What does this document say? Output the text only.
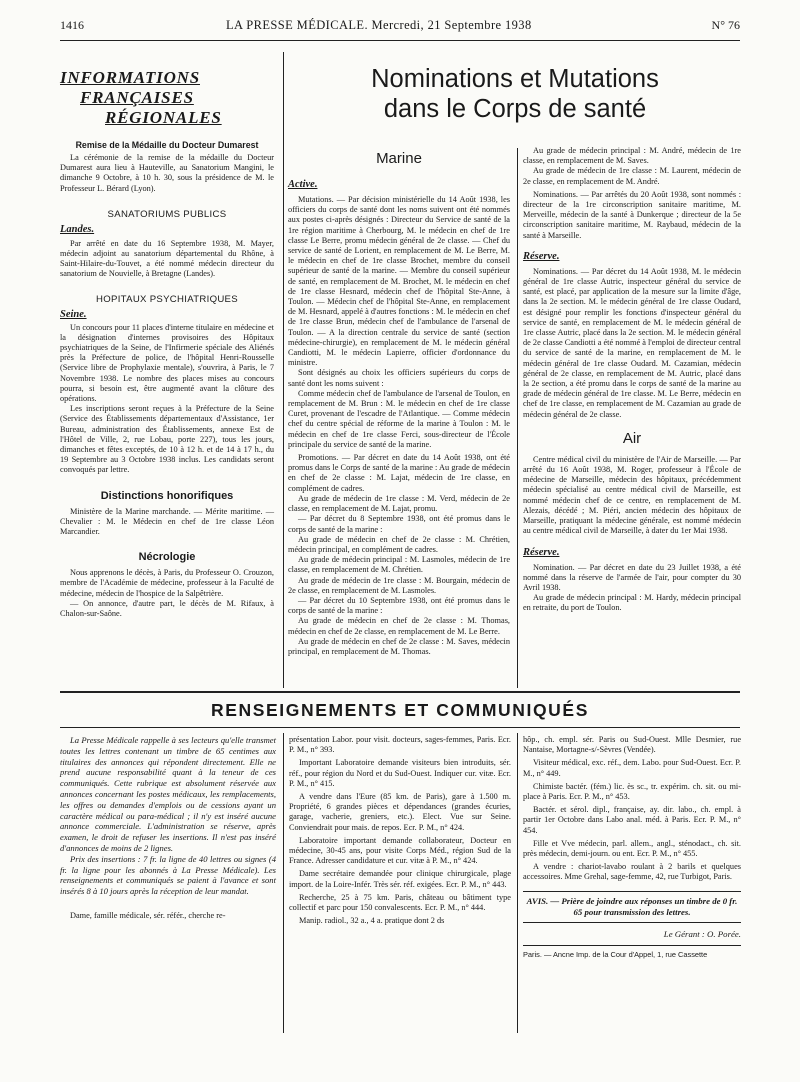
1416	LA PRESSE MÉDICALE. Mercredi, 21 Septembre 1938	N° 76
INFORMATIONS
FRANÇAISES
RÉGIONALES
Remise de la Médaille du Docteur Dumarest

La cérémonie de la remise de la médaille du Docteur Dumarest aura lieu à Hauteville, au Sanatorium Mangini, le dimanche 9 Octobre, à 10 h. 30, sous la présidence de M. le Professeur L. Bérard (Lyon).

SANATORIUMS PUBLICS
Landes.

Par arrêté en date du 16 Septembre 1938, M. Mayer, médecin adjoint au sanatorium départemental du Rhône, à Saint-Hilaire-du-Touvet, a été nommé médecin directeur du sanatorium de Nouvielle, à Bretagne (Landes).

HOPITAUX PSYCHIATRIQUES
Seine.

Un concours pour 11 places d'interne titulaire en médecine et la désignation d'internes provisoires des Hôpitaux psychiatriques de la Seine, de l'Infirmerie spéciale des Aliénés près la Préfecture de police, de l'hôpital Henri-Rousselle (Service libre de Prophylaxie mentale), s'ouvrira, à Paris, le 7 Novembre 1938. Le nombre des places mises au concours pourra, si besoin est, être augmenté avant la clôture des opérations.

Les inscriptions seront reçues à la Préfecture de la Seine (Service des Établissements départementaux d'Assistance, 1er Bureau, administration des Établissements, annexe Est de l'Hôtel de Ville, 2, rue Lobau, porte 227), tous les jours, dimanches et fêtes exceptés, de 10 à 12 h. et de 14 à 17 h., du 19 Septembre au 3 Octobre 1938 inclus. Les candidats seront convoqués par lettre.

Distinctions honorifiques

Ministère de la Marine marchande. — Mérite maritime. — Chevalier : M. le Médecin en chef de 1re classe Léon Marcandier.

Nécrologie

Nous apprenons le décès, à Paris, du Professeur O. Crouzon, membre de l'Académie de médecine, professeur à la Faculté de médecine, médecin de l'hospice de la Salpêtrière.

— On annonce, d'autre part, le décès de M. Rifaux, à Chalon-sur-Saône.

Nominations et Mutations
dans le Corps de santé
Marine
Active.

Mutations. — Par décision ministérielle du 14 Août 1938, les officiers du corps de santé dont les noms suivent ont été nommés aux postes ci-après désignés : Directeur du Service de santé de la 1re région maritime à Cherbourg, M. le médecin en chef de 1re classe Le Berre, promu médecin général de 2e classe. — Chef du service de santé de Lorient, en remplacement de M. Le Berre, M. le médecin en chef de 1re classe Brochet, membre du conseil supérieur de santé de la marine. — Membre du conseil supérieur de santé, en remplacement de M. Brochet, M. le médecin en chef de 1re classe Hesnard, médecin chef de l'hôpital Ste-Anne, à Toulon. — Médecin chef de l'hôpital Ste-Anne, en remplacement de M. Hesnard, appelé à d'autres fonctions : M. le médecin en chef de 1re classe Brun, médecin chef de l'ambulance de l'arsenal de Toulon. — A la direction centrale du service de santé (section médecine-chirurgie), en remplacement de M. le médecin général Candiotti, M. le médecin Lapierre, officier d'ordonnance du ministre.

Sont désignés au choix les officiers supérieurs du corps de santé dont les noms suivent :

Comme médecin chef de l'ambulance de l'arsenal de Toulon, en remplacement de M. Brun : M. le médecin en chef de 1re classe Curet, provenant de l'escadre de l'Atlantique. — Comme médecin chef du centre spécial de réforme de la marine à Toulon : M. le médecin en chef de 1re classe Ferci, sous-directeur de l'École principale du service de santé de la marine.

Promotions. — Par décret en date du 14 Août 1938, ont été promus dans le Corps de santé de la marine : Au grade de médecin en chef de 2e classe : M. Lajat, médecin de 1re classe, en complément de cadres.

Au grade de médecin de 1re classe : M. Verd, médecin de 2e classe, en remplacement de M. Lajat, promu.

— Par décret du 8 Septembre 1938, ont été promus dans le corps de santé de la marine :

Au grade de médecin en chef de 2e classe : M. Chrétien, médecin principal, en complément de cadres.

Au grade de médecin principal : M. Lasmoles, médecin de 1re classe, en remplacement de M. Chrétien.

Au grade de médecin de 1re classe : M. Bourgain, médecin de 2e classe, en remplacement de M. Lasmoles.

— Par décret du 10 Septembre 1938, ont été promus dans le corps de santé de la marine :

Au grade de médecin en chef de 2e classe : M. Thomas, médecin en chef de 2e classe, en remplacement de M. Le Berre.

Au grade de médecin en chef de 2e classe : M. Saves, médecin principal, en remplacement de M. Thomas.

Au grade de médecin principal : M. André, médecin de 1re classe, en remplacement de M. Saves.

Au grade de médecin de 1re classe : M. Laurent, médecin de 2e classe, en remplacement de M. André.

Nominations. — Par arrêtés du 20 Août 1938, sont nommés : directeur de la 1re circonscription sanitaire maritime, M. Merveille, médecin de la santé à Dunkerque ; directeur de la 5e circonscription sanitaire maritime, M. Raybaud, médecin de la santé à Marseille.

Réserve.

Nominations. — Par décret du 14 Août 1938, M. le médecin général de 1re classe Autric, inspecteur général du service de santé, est placé, par application de la mesure sur la limite d'âge, dans la 2e section. M. le médecin général de 1re classe Oudard, est désigné pour remplir les fonctions d'inspecteur général du service de santé, en remplacement de M. le médecin général de 1re classe Autric, placé dans la 2e section. M. le médecin général de 2e classe Candiotti a été nommé à l'emploi de directeur central du service de santé de la marine, en remplacement de M. le médecin général de 1re classe Oudard. M. Cazamian, médecin général de 2e classe, en remplacement de M. Autric, placé dans la 2e section, a été promu dans le corps de santé de la marine au grade de médecin général de 1re classe. M. Le Berre, médecin en chef de 1re classe, en remplacement de M. Cazamian au grade de médecin général de 2e classe.

Air

Centre médical civil du ministère de l'Air de Marseille. — Par arrêté du 16 Août 1938, M. Roger, professeur à l'École de médecine de Marseille, médecin des hôpitaux, précédemment médecin spécialisé au centre médical civil de Marseille, est nommé médecin chef de ce centre, en remplacement de M. Alezais, décédé ; M. Piéri, ancien médecin des hôpitaux de Marseille, pratiquant la médecine générale, est nommé médecin au centre médical civil de Marseille, à dater du 1er Mai 1938.

Réserve.

Nomination. — Par décret en date du 23 Juillet 1938, a été nommé dans la réserve de l'armée de l'air, pour compter du 30 Avril 1938.

Au grade de médecin principal : M. Hardy, médecin principal en retraite, du port de Toulon.

RENSEIGNEMENTS ET COMMUNIQUÉS

La Presse Médicale rappelle à ses lecteurs qu'elle transmet toutes les lettres contenant un timbre de 65 centimes aux titulaires des annonces qui répondent directement. Elle ne prend aucune responsabilité quant à la teneur de ces communiqués. Cette rubrique est absolument réservée aux annonces concernant les postes médicaux, les remplacements, les offres ou demandes d'emplois ou de cessions ayant un caractère médical ou para-médical ; il n'y est inséré aucune annonce commerciale. L'administration se réserve, après examen, le droit de refuser les insertions. Il n'est pas inséré d'annonces de moins de 2 lignes.

Prix des insertions : 7 fr. la ligne de 40 lettres ou signes (4 fr. la ligne pour les abonnés à La Presse Médicale). Les renseignements et communiqués se paient à l'avance et sont insérés 8 à 10 jours après la réception de leur mandat.

Dame, famille médicale, sér. référ., cherche re-

présentation Labor. pour visit. docteurs, sages-femmes, Paris. Ecr. P. M., n° 393.

Important Laboratoire demande visiteurs bien introduits, sér. réf., pour région du Nord et du Sud-Ouest. Indiquer cur. vitæ. Ecr. P. M., n° 415.

A vendre dans l'Eure (85 km. de Paris), gare à 1.500 m. Propriété, 6 grandes pièces et dépendances (grandes écuries, garage, vacherie, greniers, etc.). Elect. Vue sur Seine. Conviendrait pour mais. de repos. Ecr. P. M., n° 424.

Laboratoire important demande collaborateur, Docteur en médecine, 30-45 ans, pour visite Corps Méd., région Sud de la France. Adresser candidature et cur. vitæ à P. M., n° 424.

Dame secrétaire demandée pour clinique chirurgicale, plage import. de la Loire-Infér. Très sér. réf. exigées. Ecr. P. M., n° 443.

Recherche, 25 à 75 km. Paris, château ou bâtiment type collectif et parc pour 150 convalescents. Ecr. P. M., n° 444.

Manip. radiol., 32 a., 4 a. pratique dont 2 ds

hôp., ch. empl. sér. Paris ou Sud-Ouest. Mlle Desmier, rue Nantaise, Mortagne-s/-Sèvres (Vendée).

Visiteur médical, exc. réf., dem. Labo. pour Sud-Ouest. Ecr. P. M., n° 449.

Chimiste bactér. (fém.) lic. ès sc., tr. expérim. ch. sit. ou mi-place à Paris. Ecr. P. M., n° 453.

Bactér. et sérol. dipl., française, ay. dir. labo., ch. empl. à partir 1er Octobre dans Labo anal. méd. à Paris. Ecr. P. M., n° 454.

Fille et Vve médecin, parl. allem., angl., sténodact., ch. sit. près médecin, demi-journ. ou ent. Ecr. P. M., n° 455.

A vendre : chariot-lavabo roulant à 2 barils et quelques accessoires. Mme Grehal, sage-femme, 42, rue Turbigot, Paris.

AVIS. — Prière de joindre aux réponses un timbre de 0 fr. 65 pour transmission des lettres.

Le Gérant : O. Porée.

Paris. — Ancne Imp. de la Cour d'Appel, 1, rue Cassette
